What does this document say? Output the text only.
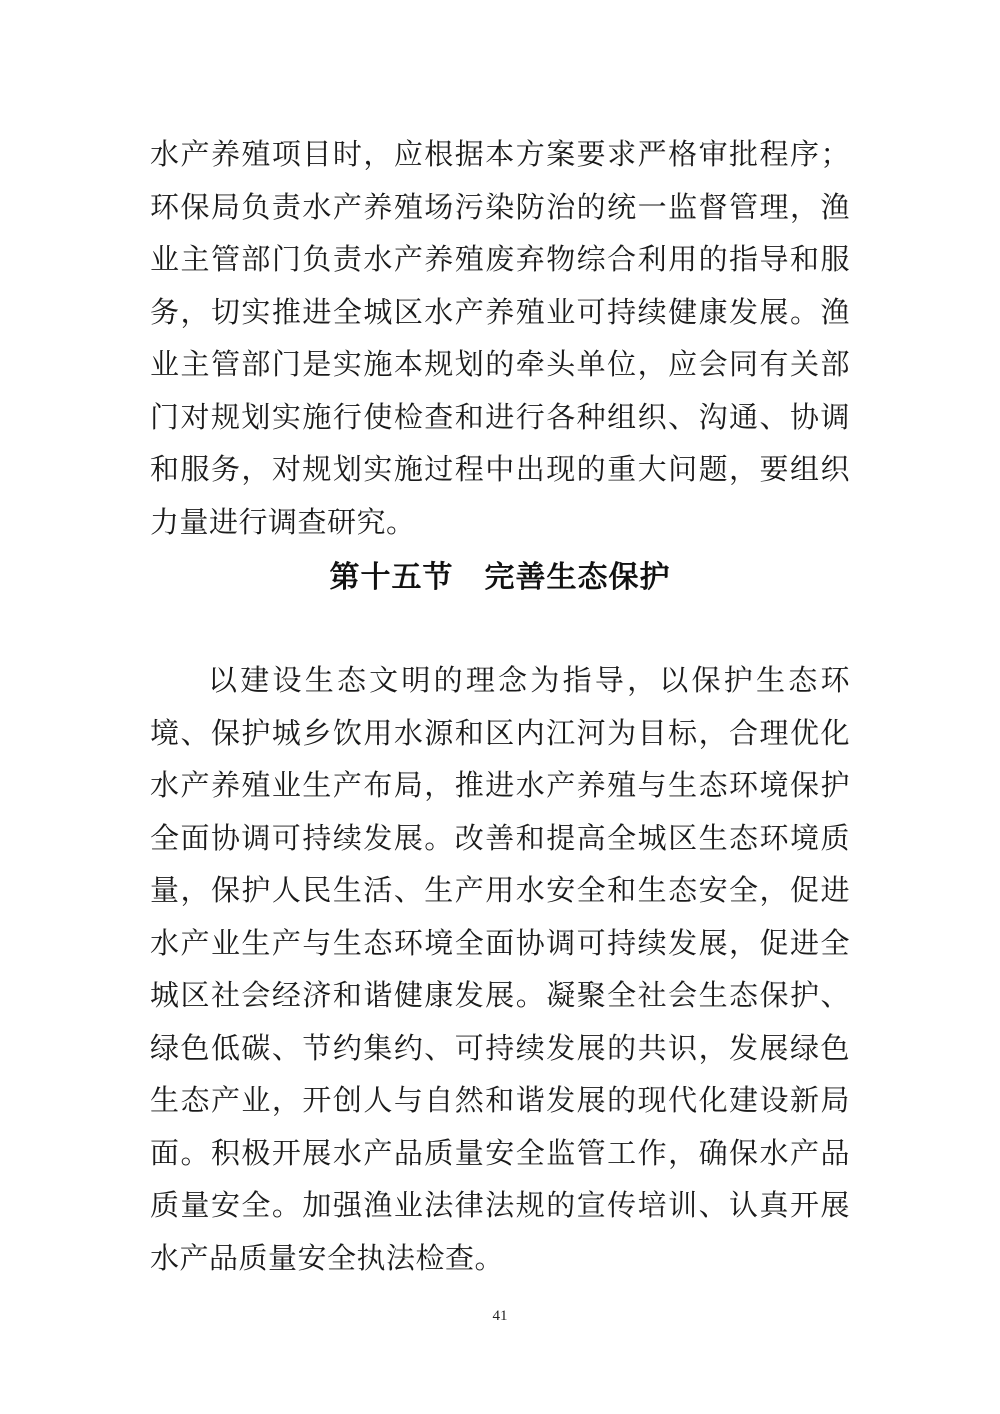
水产养殖项目时，应根据本方案要求严格审批程序；环保局负责水产养殖场污染防治的统一监督管理，渔业主管部门负责水产养殖废弃物综合利用的指导和服务，切实推进全城区水产养殖业可持续健康发展。渔业主管部门是实施本规划的牵头单位，应会同有关部门对规划实施行使检查和进行各种组织、沟通、协调和服务，对规划实施过程中出现的重大问题，要组织力量进行调查研究。

第十五节　完善生态保护

以建设生态文明的理念为指导，以保护生态环境、保护城乡饮用水源和区内江河为目标，合理优化水产养殖业生产布局，推进水产养殖与生态环境保护全面协调可持续发展。改善和提高全城区生态环境质量，保护人民生活、生产用水安全和生态安全，促进水产业生产与生态环境全面协调可持续发展，促进全城区社会经济和谐健康发展。凝聚全社会生态保护、绿色低碳、节约集约、可持续发展的共识，发展绿色生态产业，开创人与自然和谐发展的现代化建设新局面。积极开展水产品质量安全监管工作，确保水产品质量安全。加强渔业法律法规的宣传培训、认真开展水产品质量安全执法检查。

41
